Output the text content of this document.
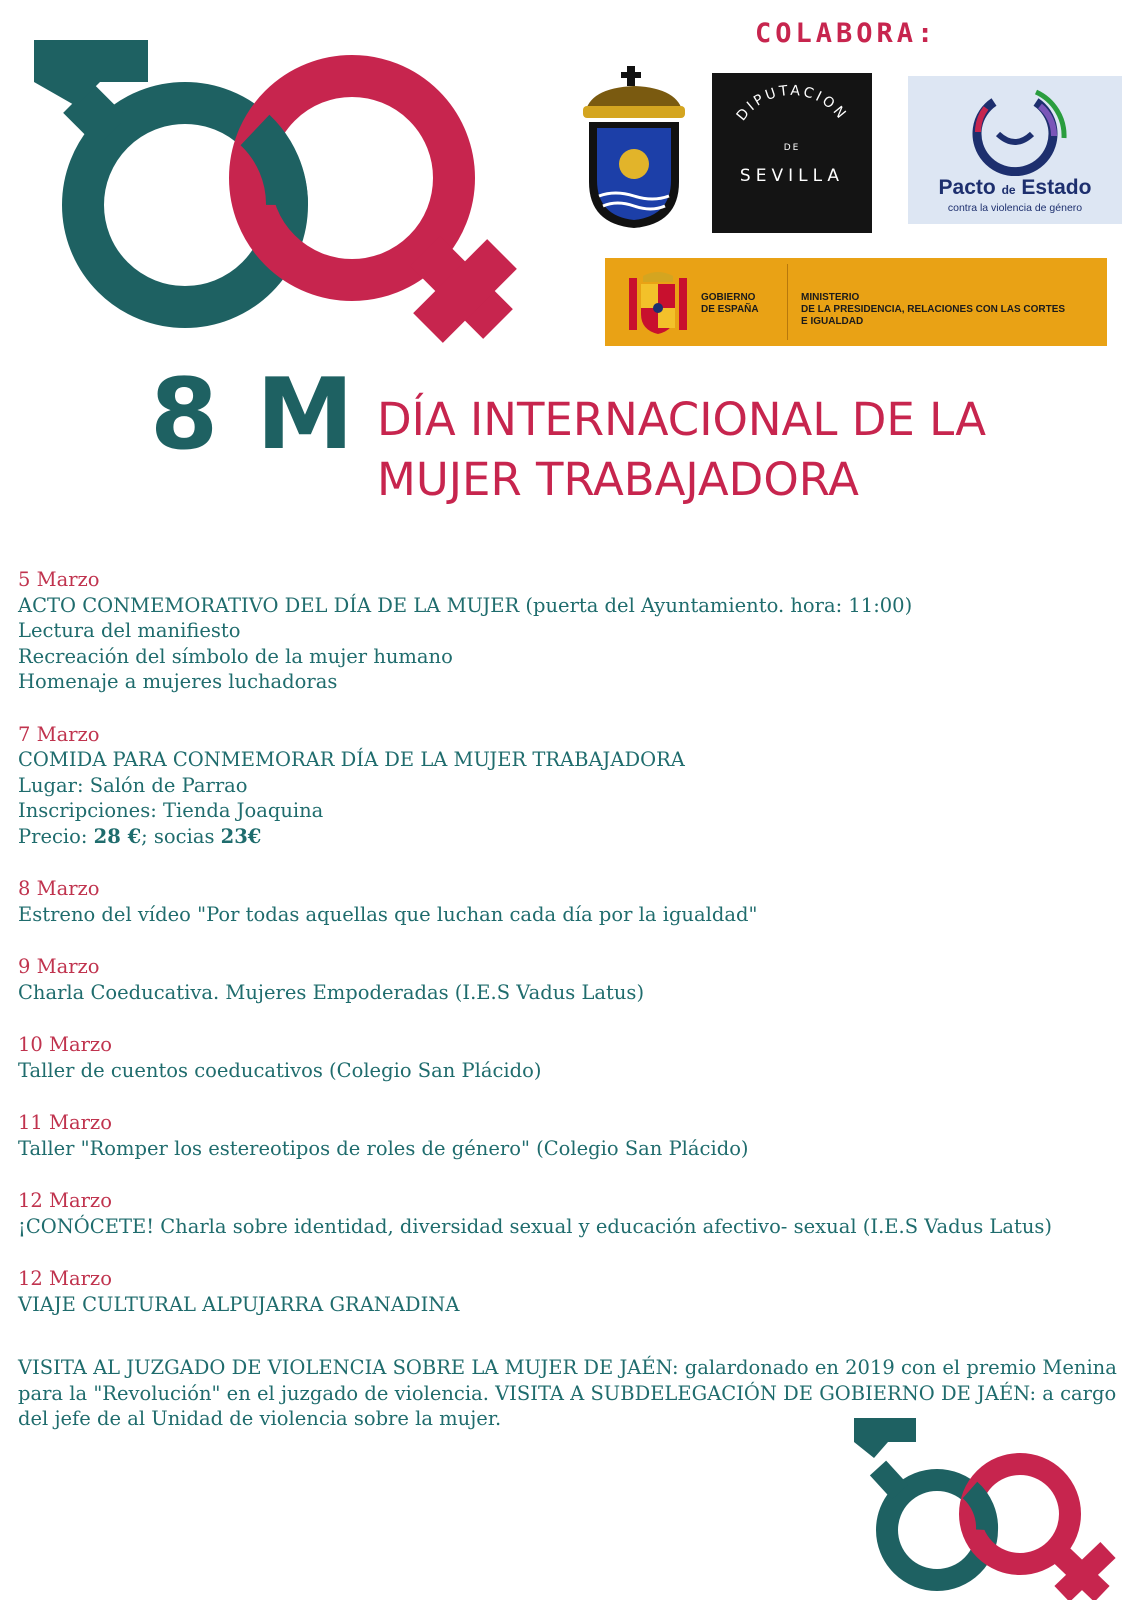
COLABORA:
DIPUTACION
DE
SEVILLA	Pacto de Estado
contra la violencia de género
GOBIERNO
DE ESPAÑA
MINISTERIO
DE LA PRESIDENCIA, RELACIONES CON LAS CORTES
E IGUALDAD
8 M DÍA INTERNACIONAL DE LA
MUJER TRABAJADORA
5 Marzo
ACTO CONMEMORATIVO DEL DÍA DE LA MUJER (puerta del Ayuntamiento. hora: 11:00)
Lectura del manifiesto
Recreación del símbolo de la mujer humano
Homenaje a mujeres luchadoras
7 Marzo
COMIDA PARA CONMEMORAR DÍA DE LA MUJER TRABAJADORA
Lugar: Salón de Parrao
Inscripciones: Tienda Joaquina
Precio: 28 €; socias 23€
8 Marzo
Estreno del vídeo "Por todas aquellas que luchan cada día por la igualdad"
9 Marzo
Charla Coeducativa. Mujeres Empoderadas (I.E.S Vadus Latus)
10 Marzo
Taller de cuentos coeducativos (Colegio San Plácido)
11 Marzo
Taller "Romper los estereotipos de roles de género" (Colegio San Plácido)
12 Marzo
¡CONÓCETE! Charla sobre identidad, diversidad sexual y educación afectivo- sexual (I.E.S Vadus Latus)
12 Marzo
VIAJE CULTURAL ALPUJARRA GRANADINA
VISITA AL JUZGADO DE VIOLENCIA SOBRE LA MUJER DE JAÉN: galardonado en 2019 con el premio Menina para la "Revolución" en el juzgado de violencia. VISITA A SUBDELEGACIÓN DE GOBIERNO DE JAÉN: a cargo del jefe de al Unidad de violencia sobre la mujer.
